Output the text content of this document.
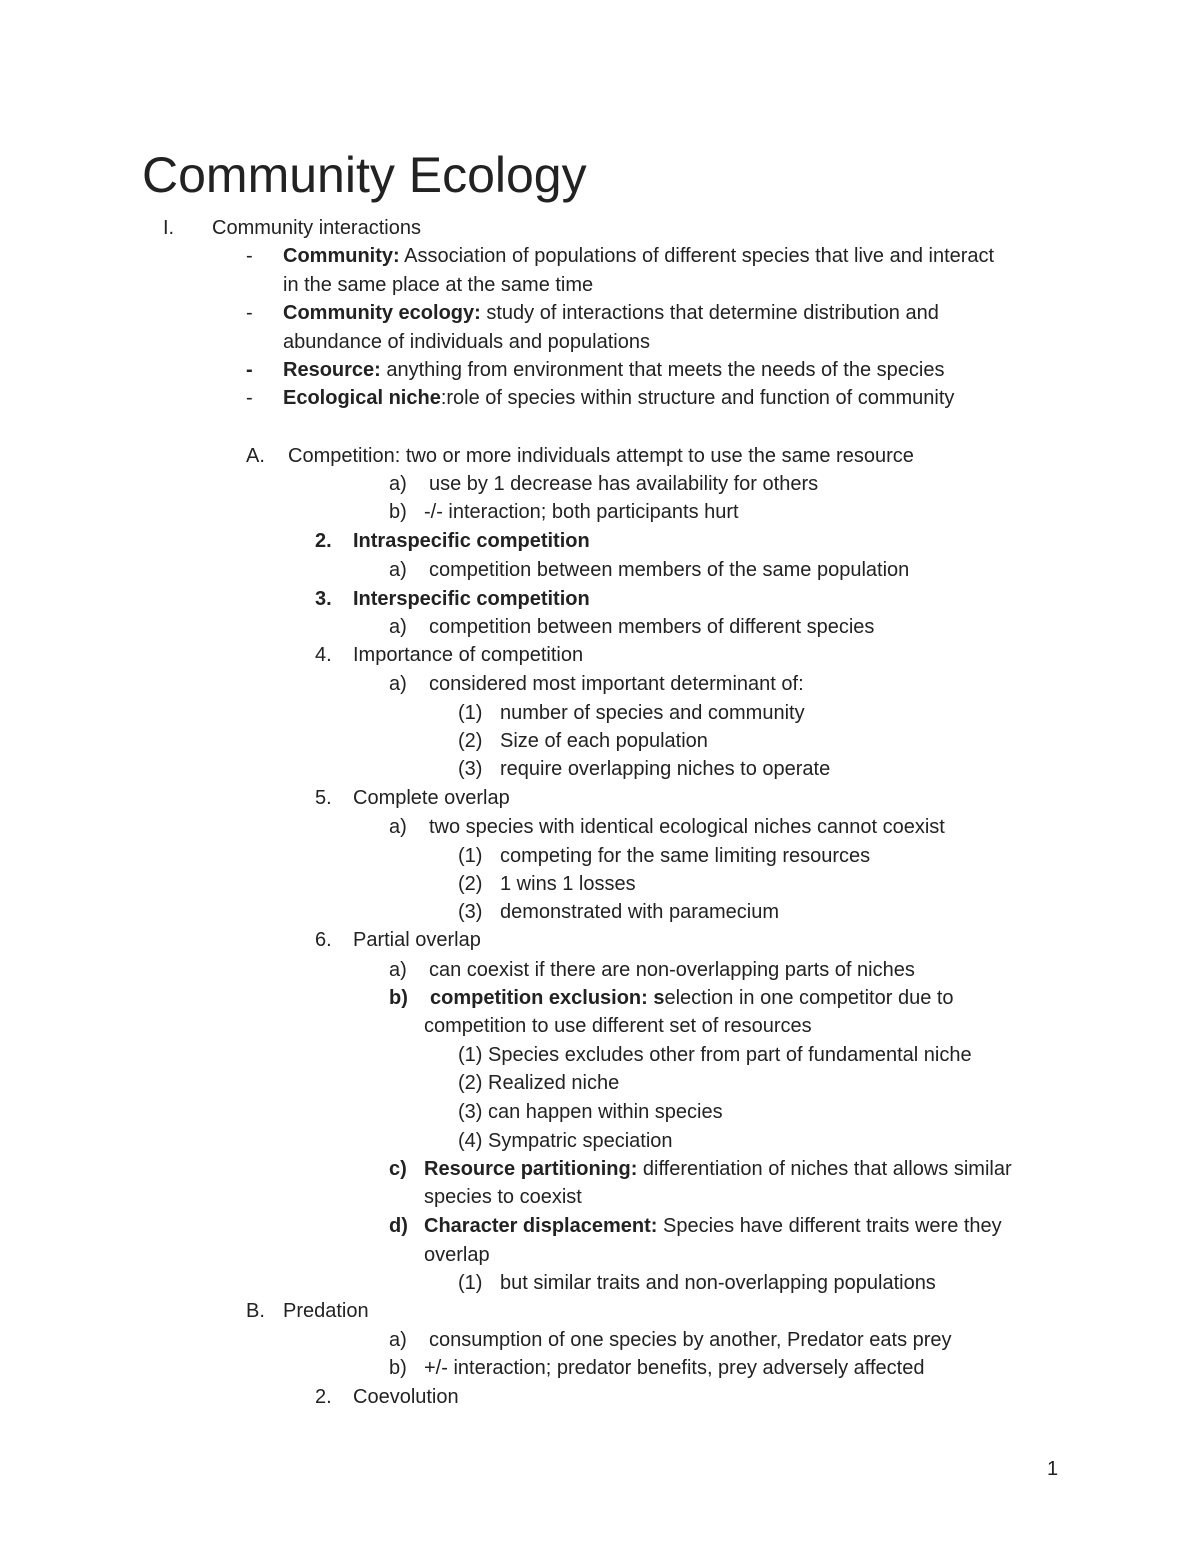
Community Ecology
I. Community interactions
- Community: Association of populations of different species that live and interact
in the same place at the same time
- Community ecology: study of interactions that determine distribution and
abundance of individuals and populations
- Resource: anything from environment that meets the needs of the species
- Ecological niche:role of species within structure and function of community
A. Competition: two or more individuals attempt to use the same resource
a) use by 1 decrease has availability for others
b) -/- interaction; both participants hurt
2. Intraspecific competition
a) competition between members of the same population
3. Interspecific competition
a) competition between members of different species
4. Importance of competition
a) considered most important determinant of:
(1) number of species and community
(2) Size of each population
(3) require overlapping niches to operate
5. Complete overlap
a) two species with identical ecological niches cannot coexist
(1) competing for the same limiting resources
(2) 1 wins 1 losses
(3) demonstrated with paramecium
6. Partial overlap
a) can coexist if there are non-overlapping parts of niches
b) competition exclusion: selection in one competitor due to
competition to use different set of resources
(1) Species excludes other from part of fundamental niche
(2) Realized niche
(3) can happen within species
(4) Sympatric speciation
c) Resource partitioning: differentiation of niches that allows similar
species to coexist
d) Character displacement: Species have different traits were they
overlap
(1) but similar traits and non-overlapping populations
B. Predation
a) consumption of one species by another, Predator eats prey
b) +/- interaction; predator benefits, prey adversely affected
2. Coevolution
1
